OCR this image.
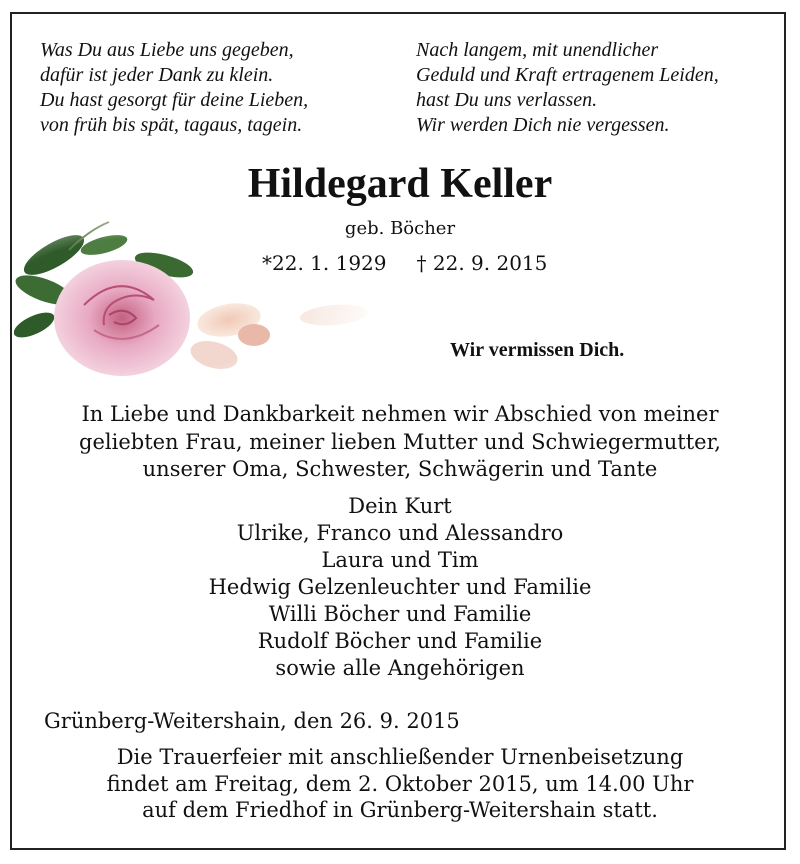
Was Du aus Liebe uns gegeben,
dafür ist jeder Dank zu klein.
Du hast gesorgt für deine Lieben,
von früh bis spät, tagaus, tagein.
Nach langem, mit unendlicher
Geduld und Kraft ertragenem Leiden,
hast Du uns verlassen.
Wir werden Dich nie vergessen.
Hildegard Keller
geb. Böcher
*22. 1. 1929 † 22. 9. 2015
Wir vermissen Dich.
In Liebe und Dankbarkeit nehmen wir Abschied von meiner
geliebten Frau, meiner lieben Mutter und Schwiegermutter,
unserer Oma, Schwester, Schwägerin und Tante
Dein Kurt
Ulrike, Franco und Alessandro
Laura und Tim
Hedwig Gelzenleuchter und Familie
Willi Böcher und Familie
Rudolf Böcher und Familie
sowie alle Angehörigen
Grünberg-Weitershain, den 26. 9. 2015
Die Trauerfeier mit anschließender Urnenbeisetzung
findet am Freitag, dem 2. Oktober 2015, um 14.00 Uhr
auf dem Friedhof in Grünberg-Weitershain statt.
